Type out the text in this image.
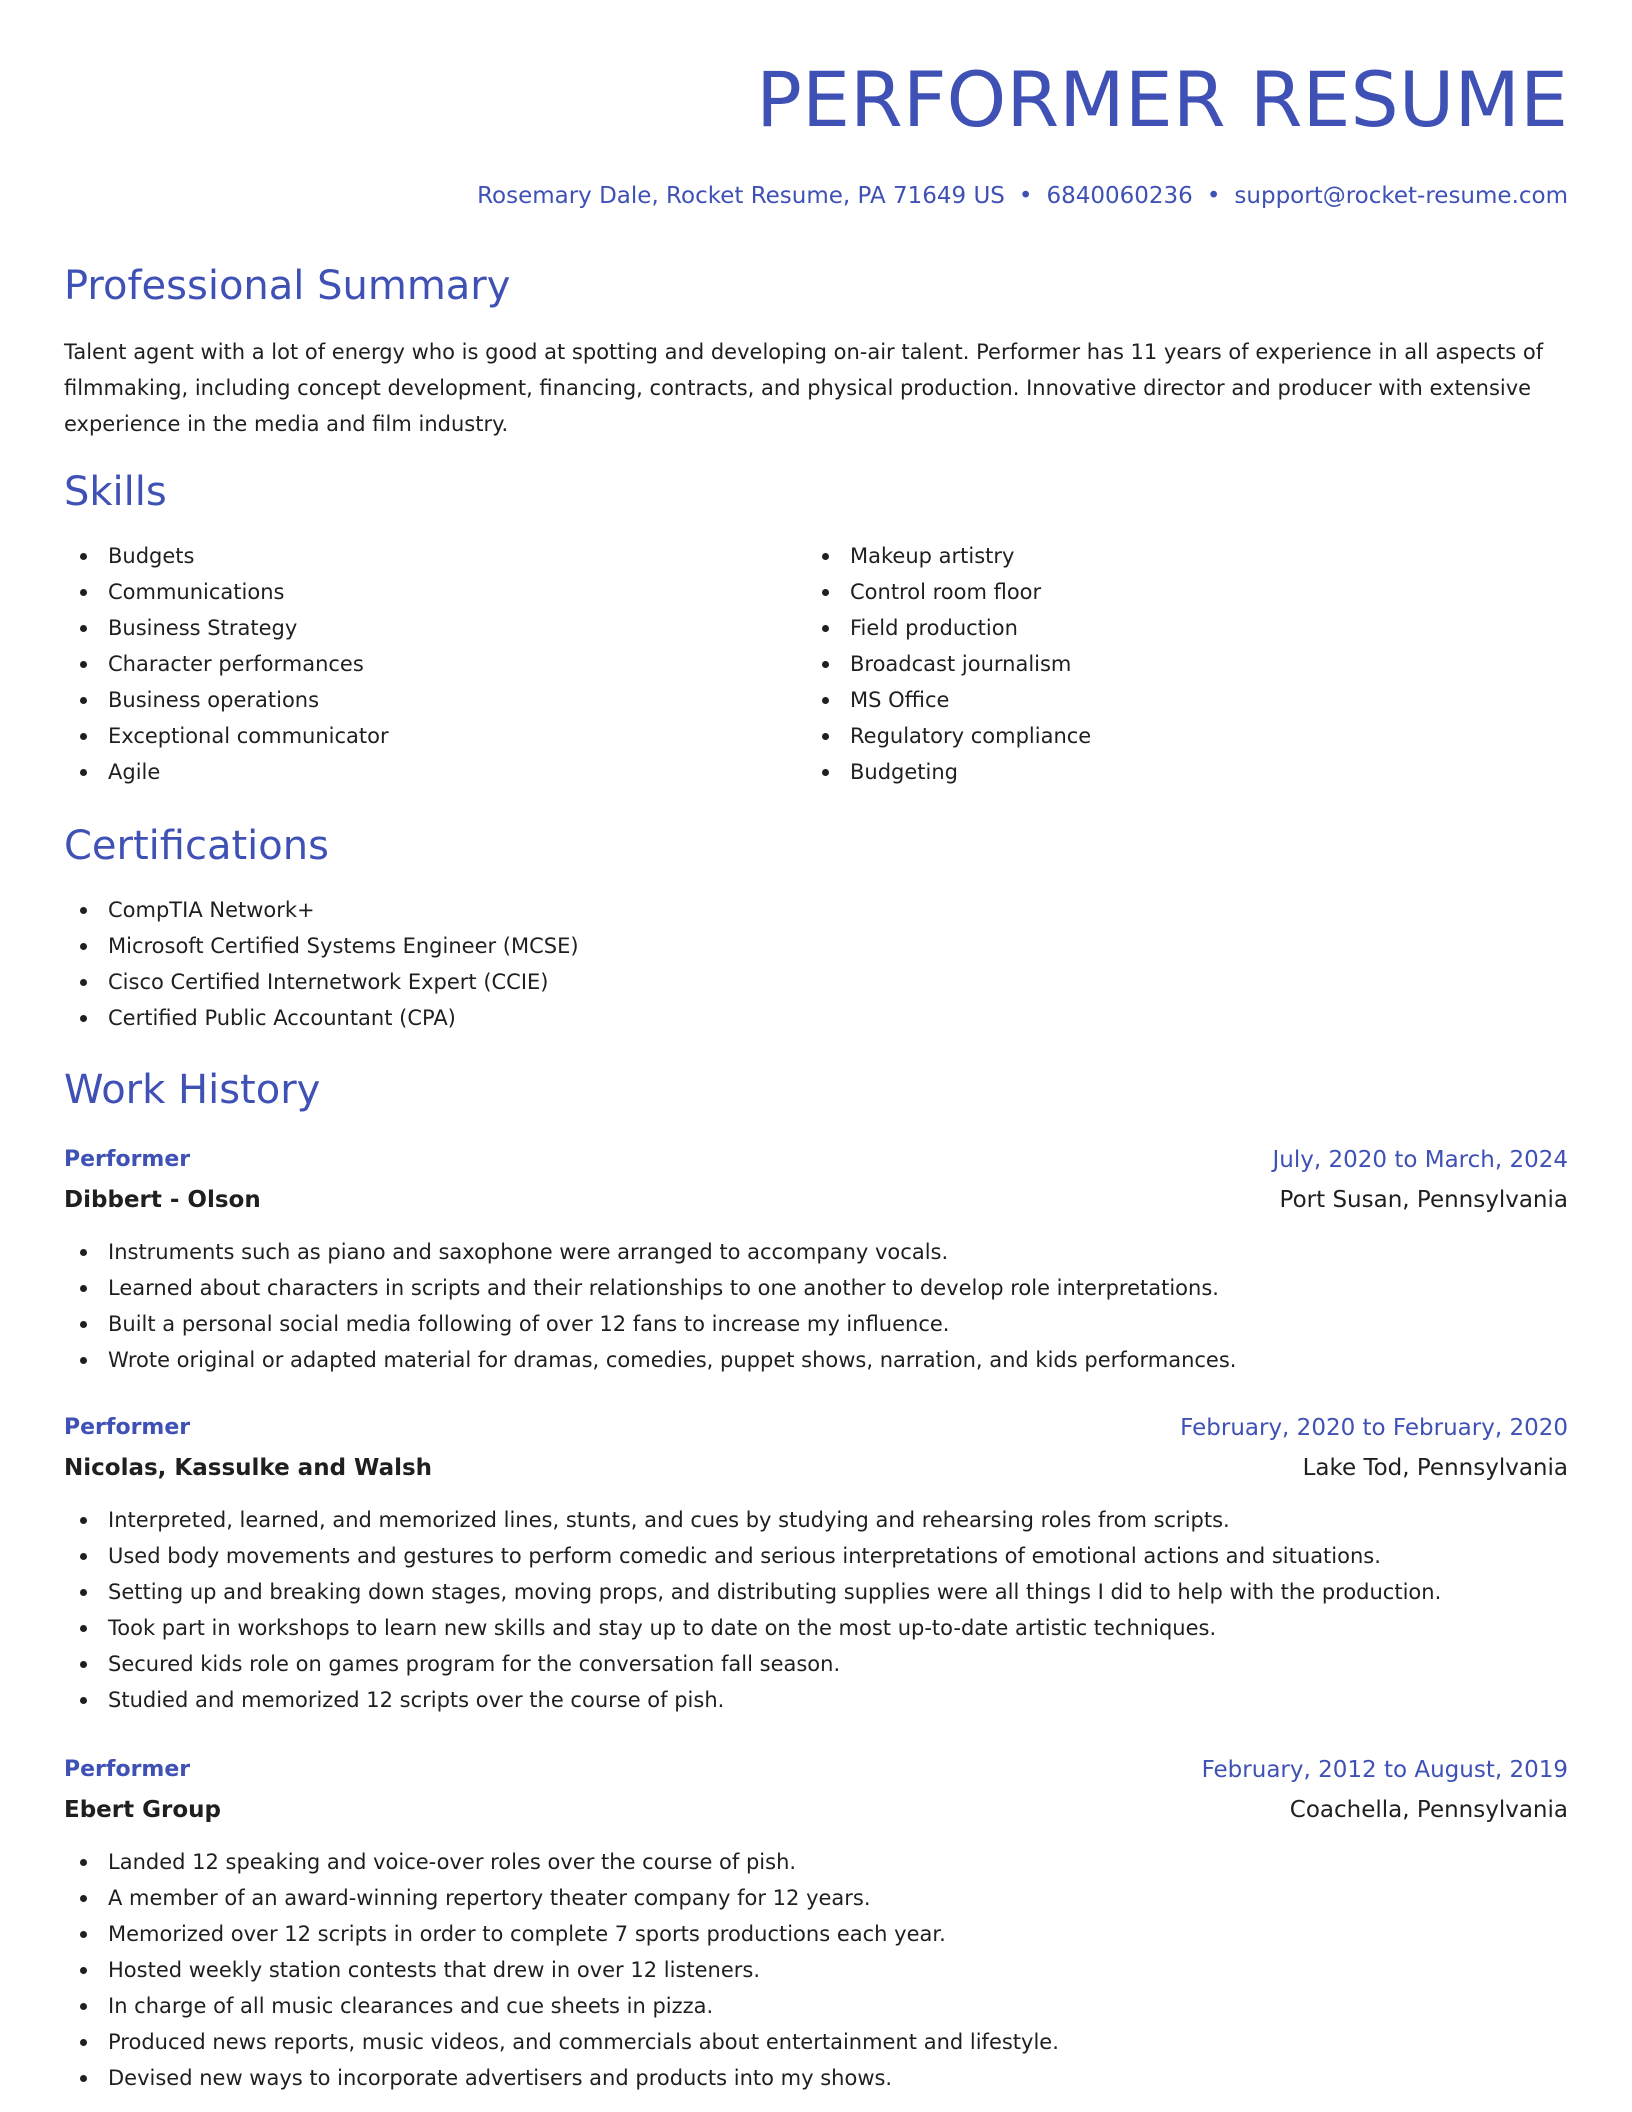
PERFORMER RESUME
Rosemary Dale, Rocket Resume, PA 71649 US • 6840060236 • support@rocket-resume.com
Professional Summary

Talent agent with a lot of energy who is good at spotting and developing on-air talent. Performer has 11 years of experience in all aspects of filmmaking, including concept development, financing, contracts, and physical production. Innovative director and producer with extensive experience in the media and film industry.

Skills
Budgets
Communications
Business Strategy
Character performances
Business operations
Exceptional communicator
Agile
Makeup artistry
Control room floor
Field production
Broadcast journalism
MS Office
Regulatory compliance
Budgeting
Certifications
CompTIA Network+
Microsoft Certified Systems Engineer (MCSE)
Cisco Certified Internetwork Expert (CCIE)
Certified Public Accountant (CPA)
Work History
Performer	July, 2020 to March, 2024
Dibbert - Olson	Port Susan, Pennsylvania
Instruments such as piano and saxophone were arranged to accompany vocals.
Learned about characters in scripts and their relationships to one another to develop role interpretations.
Built a personal social media following of over 12 fans to increase my influence.
Wrote original or adapted material for dramas, comedies, puppet shows, narration, and kids performances.
Performer	February, 2020 to February, 2020
Nicolas, Kassulke and Walsh	Lake Tod, Pennsylvania
Interpreted, learned, and memorized lines, stunts, and cues by studying and rehearsing roles from scripts.
Used body movements and gestures to perform comedic and serious interpretations of emotional actions and situations.
Setting up and breaking down stages, moving props, and distributing supplies were all things I did to help with the production.
Took part in workshops to learn new skills and stay up to date on the most up-to-date artistic techniques.
Secured kids role on games program for the conversation fall season.
Studied and memorized 12 scripts over the course of pish.
Performer	February, 2012 to August, 2019
Ebert Group	Coachella, Pennsylvania
Landed 12 speaking and voice-over roles over the course of pish.
A member of an award-winning repertory theater company for 12 years.
Memorized over 12 scripts in order to complete 7 sports productions each year.
Hosted weekly station contests that drew in over 12 listeners.
In charge of all music clearances and cue sheets in pizza.
Produced news reports, music videos, and commercials about entertainment and lifestyle.
Devised new ways to incorporate advertisers and products into my shows.
